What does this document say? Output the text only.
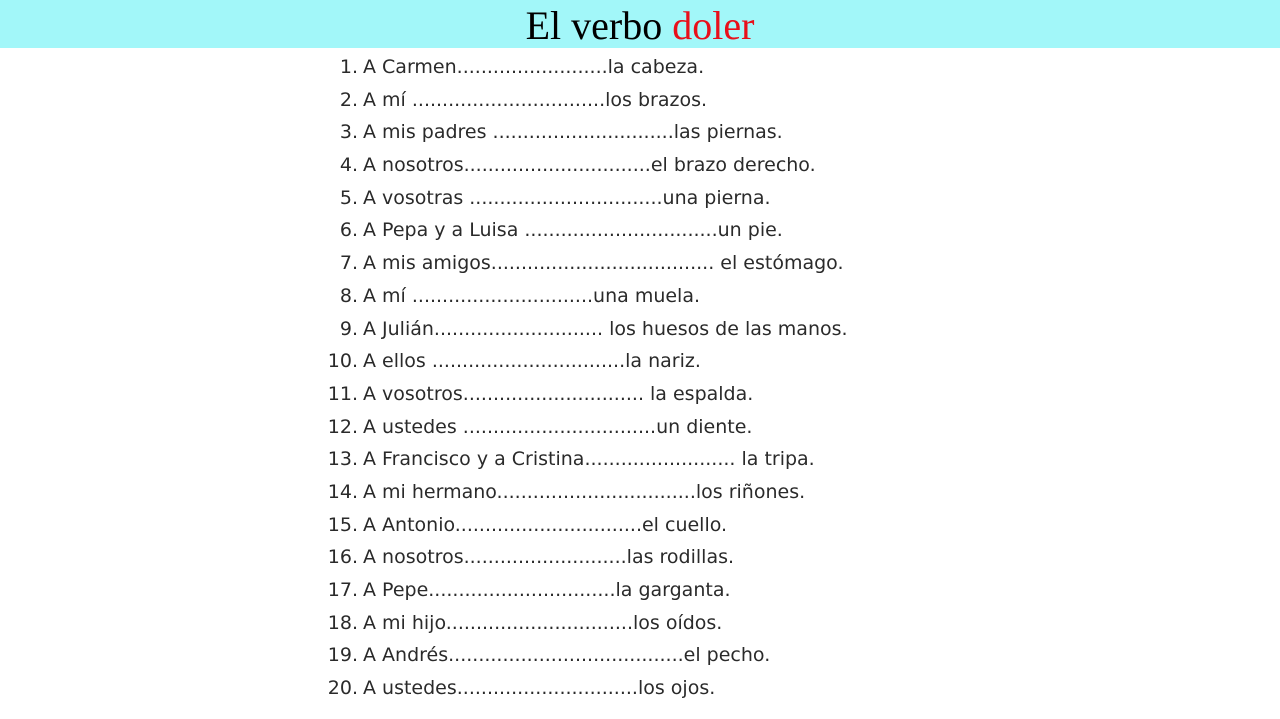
El verbo doler
1. A Carmen.........................la cabeza.
2. A mí ................................los brazos.
3. A mis padres ..............................las piernas.
4. A nosotros...............................el brazo derecho.
5. A vosotras ................................una pierna.
6. A Pepa y a Luisa ................................un pie.
7. A mis amigos..................................... el estómago.
8. A mí ..............................una muela.
9. A Julián............................ los huesos de las manos.
10. A ellos ................................la nariz.
11. A vosotros.............................. la espalda.
12. A ustedes ................................un diente.
13. A Francisco y a Cristina......................... la tripa.
14. A mi hermano.................................los riñones.
15. A Antonio...............................el cuello.
16. A nosotros...........................las rodillas.
17. A Pepe...............................la garganta.
18. A mi hijo...............................los oídos.
19. A Andrés.......................................el pecho.
20. A ustedes..............................los ojos.
